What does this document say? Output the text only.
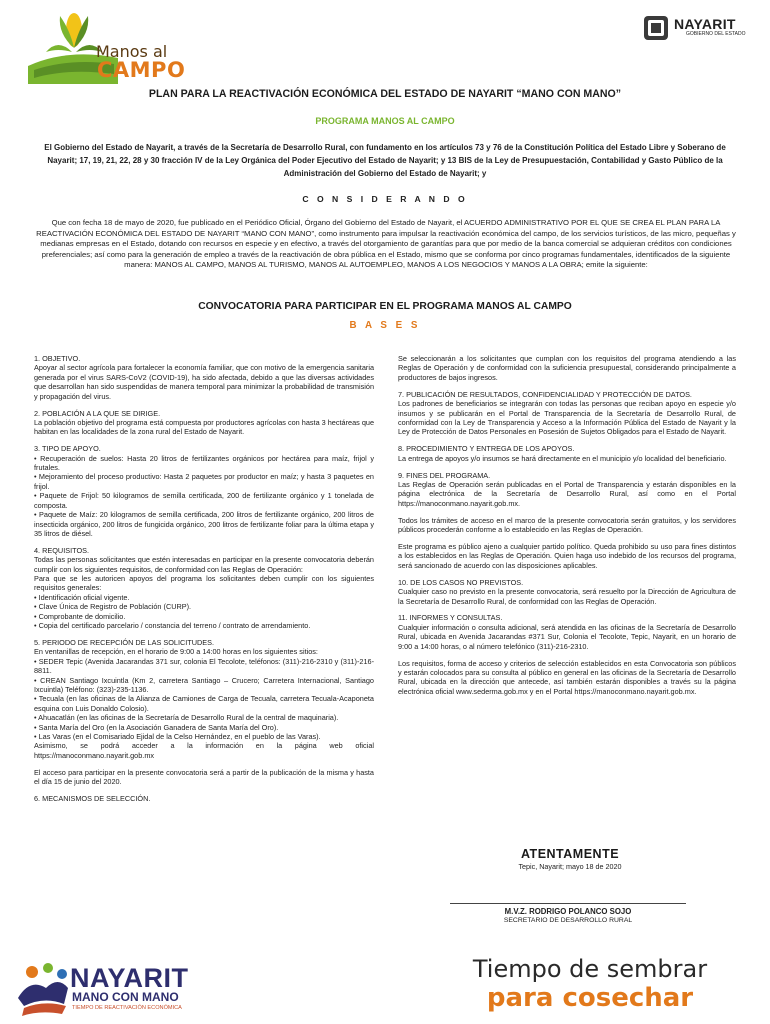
Manos al
CAMPO
NAYARIT
GOBIERNO DEL ESTADO
PLAN PARA LA REACTIVACIÓN ECONÓMICA DEL ESTADO DE NAYARIT “MANO CON MANO”
PROGRAMA MANOS AL CAMPO
El Gobierno del Estado de Nayarit, a través de la Secretaría de Desarrollo Rural, con fundamento en los artículos 73 y 76 de la Constitución Política del Estado Libre y Soberano de Nayarit; 17, 19, 21, 22, 28 y 30 fracción IV de la Ley Orgánica del Poder Ejecutivo del Estado de Nayarit; y 13 BIS de la Ley de Presupuestación, Contabilidad y Gasto Público de la Administración del Gobierno del Estado de Nayarit; y
C O N S I D E R A N D O
Que con fecha 18 de mayo de 2020, fue publicado en el Periódico Oficial, Órgano del Gobierno del Estado de Nayarit, el ACUERDO ADMINISTRATIVO POR EL QUE SE CREA EL PLAN PARA LA REACTIVACIÓN ECONÓMICA DEL ESTADO DE NAYARIT “MANO CON MANO”, como instrumento para impulsar la reactivación económica del campo, de los servicios turísticos, de las micro, pequeñas y medianas empresas en el Estado, dotando con recursos en especie y en efectivo, a través del otorgamiento de garantías para que por medio de la banca comercial se adquieran créditos con condiciones preferenciales; así como para la generación de empleo a través de la reactivación de obra pública en el Estado, mismo que se conforma por cinco programas fundamentales, identificados de la siguiente manera: MANOS AL CAMPO, MANOS AL TURISMO, MANOS AL AUTOEMPLEO, MANOS A LOS NEGOCIOS Y MANOS A LA OBRA; emite la siguiente:
CONVOCATORIA PARA PARTICIPAR EN EL PROGRAMA MANOS AL CAMPO
B A S E S

1. OBJETIVO.

Apoyar al sector agrícola para fortalecer la economía familiar, que con motivo de la emergencia sanitaria generada por el virus SARS-CoV2 (COVID-19), ha sido afectada, debido a que las diversas actividades que desarrollan han sido suspendidas de manera temporal para minimizar la probabilidad de transmisión y propagación del virus.

2. POBLACIÓN A LA QUE SE DIRIGE.

La población objetivo del programa está compuesta por productores agrícolas con hasta 3 hectáreas que habitan en las localidades de la zona rural del Estado de Nayarit.

3. TIPO DE APOYO.

• Recuperación de suelos: Hasta 20 litros de fertilizantes orgánicos por hectárea para maíz, frijol y frutales.

• Mejoramiento del proceso productivo: Hasta 2 paquetes por productor en maíz; y hasta 3 paquetes en frijol.

• Paquete de Frijol: 50 kilogramos de semilla certificada, 200 de fertilizante orgánico y 1 tonelada de composta.

• Paquete de Maíz: 20 kilogramos de semilla certificada, 200 litros de fertilizante orgánico, 200 litros de insecticida orgánico, 200 litros de fungicida orgánico, 200 litros de fertilizante foliar para la última etapa y 35 litros de diésel.

4. REQUISITOS.

Todas las personas solicitantes que estén interesadas en participar en la presente convocatoria deberán cumplir con los siguientes requisitos, de conformidad con las Reglas de Operación:

Para que se les autoricen apoyos del programa los solicitantes deben cumplir con los siguientes requisitos generales:

• Identificación oficial vigente.

• Clave Única de Registro de Población (CURP).

• Comprobante de domicilio.

• Copia del certificado parcelario / constancia del terreno / contrato de arrendamiento.

5. PERIODO DE RECEPCIÓN DE LAS SOLICITUDES.

En ventanillas de recepción, en el horario de 9:00 a 14:00 horas en los siguientes sitios:

• SEDER Tepic (Avenida Jacarandas 371 sur, colonia El Tecolote, teléfonos: (311)-216-2310 y (311)-216-8811.

• CREAN Santiago Ixcuintla (Km 2, carretera Santiago – Crucero; Carretera Internacional, Santiago Ixcuintla) Teléfono: (323)-235-1136.

• Tecuala (en las oficinas de la Alianza de Camiones de Carga de Tecuala, carretera Tecuala-Acaponeta esquina con Luis Donaldo Colosio).

• Ahuacatlán (en las oficinas de la Secretaría de Desarrollo Rural de la central de maquinaria).

• Santa María del Oro (en la Asociación Ganadera de Santa María del Oro).

• Las Varas (en el Comisariado Ejidal de la Celso Hernández, en el pueblo de las Varas).

Asimismo, se podrá acceder a la información en la página web oficial https://manoconmano.nayarit.gob.mx

El acceso para participar en la presente convocatoria será a partir de la publicación de la misma y hasta el día 15 de junio del 2020.

6. MECANISMOS DE SELECCIÓN.

Se seleccionarán a los solicitantes que cumplan con los requisitos del programa atendiendo a las Reglas de Operación y de conformidad con la suficiencia presupuestal, considerando principalmente a productores de bajos ingresos.

7. PUBLICACIÓN DE RESULTADOS, CONFIDENCIALIDAD Y PROTECCIÓN DE DATOS.

Los padrones de beneficiarios se integrarán con todas las personas que reciban apoyo en especie y/o insumos y se publicarán en el Portal de Transparencia de la Secretaría de Desarrollo Rural, de conformidad con la Ley de Transparencia y Acceso a la Información Pública del Estado de Nayarit y la Ley de Protección de Datos Personales en Posesión de Sujetos Obligados para el Estado de Nayarit.

8. PROCEDIMIENTO Y ENTREGA DE LOS APOYOS.

La entrega de apoyos y/o insumos se hará directamente en el municipio y/o localidad del beneficiario.

9. FINES DEL PROGRAMA.

Las Reglas de Operación serán publicadas en el Portal de Transparencia y estarán disponibles en la página electrónica de la Secretaría de Desarrollo Rural, así como en el Portal https://manoconmano.nayarit.gob.mx.

Todos los trámites de acceso en el marco de la presente convocatoria serán gratuitos, y los servidores públicos procederán conforme a lo establecido en las Reglas de Operación.

Este programa es público ajeno a cualquier partido político. Queda prohibido su uso para fines distintos a los establecidos en las Reglas de Operación. Quien haga uso indebido de los recursos del programa, será sancionado de acuerdo con las disposiciones aplicables.

10. DE LOS CASOS NO PREVISTOS.

Cualquier caso no previsto en la presente convocatoria, será resuelto por la Dirección de Agricultura de la Secretaría de Desarrollo Rural, de conformidad con las Reglas de Operación.

11. INFORMES Y CONSULTAS.

Cualquier información o consulta adicional, será atendida en las oficinas de la Secretaría de Desarrollo Rural, ubicada en Avenida Jacarandas #371 Sur, Colonia el Tecolote, Tepic, Nayarit, en un horario de 9:00 a 14:00 horas, o al número telefónico (311)-216-2310.

Los requisitos, forma de acceso y criterios de selección establecidos en esta Convocatoria son públicos y estarán colocados para su consulta al público en general en las oficinas de la Secretaría de Desarrollo Rural, ubicada en la dirección que antecede, así también estarán disponibles a través su la página electrónica oficial www.sederma.gob.mx y en el Portal https://manoconmano.nayarit.gob.mx.

ATENTAMENTE
Tepic, Nayarit; mayo 18 de 2020
M.V.Z. RODRIGO POLANCO SOJO
SECRETARIO DE DESARROLLO RURAL
NAYARIT
MANO CON MANO
TIEMPO DE REACTIVACIÓN ECONÓMICA
Tiempo de sembrar
para cosechar
